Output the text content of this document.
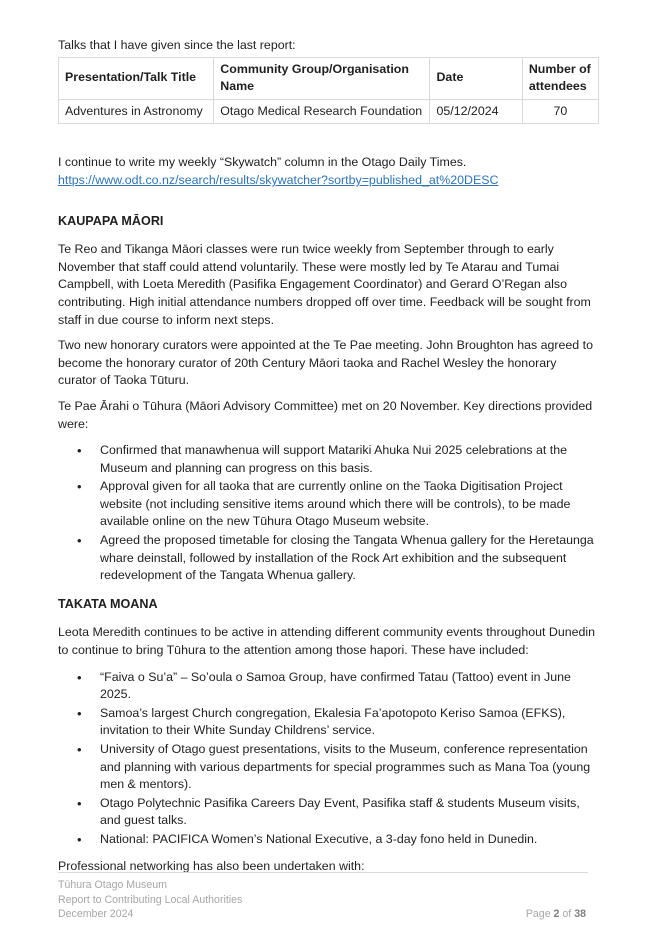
Talks that I have given since the last report:

Presentation/Talk Title	Community Group/Organisation Name	Date	Number of attendees
Adventures in Astronomy	Otago Medical Research Foundation	05/12/2024	70

I continue to write my weekly “Skywatch” column in the Otago Daily Times.

https://www.odt.co.nz/search/results/skywatcher?sortby=published_at%20DESC
KAUPAPA MĀORI

Te Reo and Tikanga Māori classes were run twice weekly from September through to early November that staff could attend voluntarily. These were mostly led by Te Atarau and Tumai Campbell, with Loeta Meredith (Pasifika Engagement Coordinator) and Gerard O’Regan also contributing. High initial attendance numbers dropped off over time. Feedback will be sought from staff in due course to inform next steps.

Two new honorary curators were appointed at the Te Pae meeting. John Broughton has agreed to become the honorary curator of 20th Century Māori taoka and Rachel Wesley the honorary curator of Taoka Tūturu.

Te Pae Ārahi o Tūhura (Māori Advisory Committee) met on 20 November. Key directions provided were:

• Confirmed that manawhenua will support Matariki Ahuka Nui 2025 celebrations at the Museum and planning can progress on this basis.
• Approval given for all taoka that are currently online on the Taoka Digitisation Project website (not including sensitive items around which there will be controls), to be made available online on the new Tūhura Otago Museum website.
• Agreed the proposed timetable for closing the Tangata Whenua gallery for the Heretaunga whare deinstall, followed by installation of the Rock Art exhibition and the subsequent redevelopment of the Tangata Whenua gallery.
TAKATA MOANA

Leota Meredith continues to be active in attending different community events throughout Dunedin to continue to bring Tūhura to the attention among those hapori. These have included:

• “Faiva o Su’a” – So’oula o Samoa Group, have confirmed Tatau (Tattoo) event in June 2025.
• Samoa’s largest Church congregation, Ekalesia Fa’apotopoto Keriso Samoa (EFKS), invitation to their White Sunday Childrens’ service.
• University of Otago guest presentations, visits to the Museum, conference representation and planning with various departments for special programmes such as Mana Toa (young men & mentors).
• Otago Polytechnic Pasifika Careers Day Event, Pasifika staff & students Museum visits, and guest talks.
• National: PACIFICA Women’s National Executive, a 3-day fono held in Dunedin.

Professional networking has also been undertaken with:

Tūhura Otago Museum
Report to Contributing Local Authorities
December 2024	Page 2 of 38
